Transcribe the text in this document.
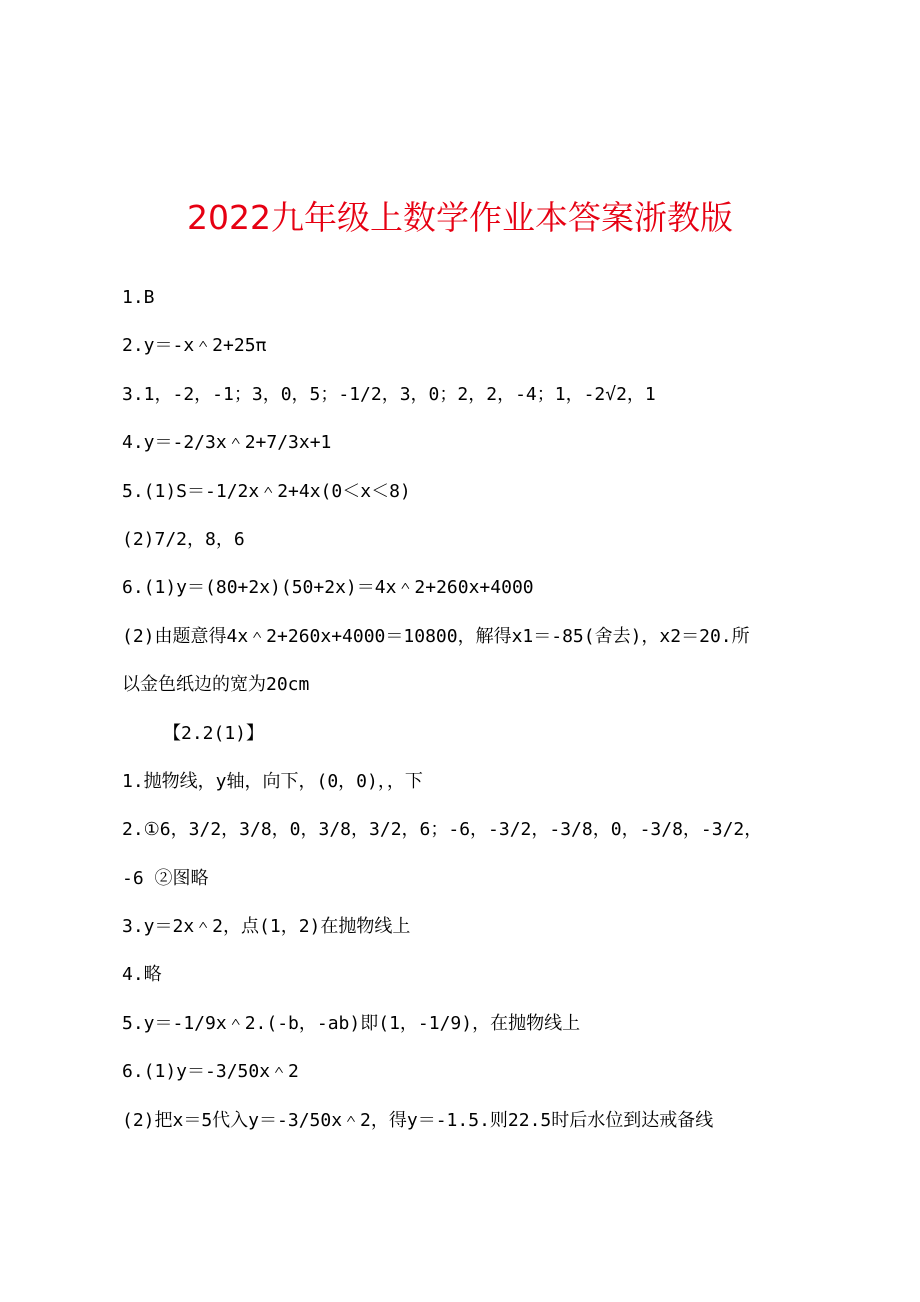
2022九年级上数学作业本答案浙教版

1.B

2.y＝-x＾2+25π

3.1，-2，-1；3，0，5；-1/2，3，0；2，2，-4；1，-2√2，1

4.y＝-2/3x＾2+7/3x+1

5.(1)S＝-1/2x＾2+4x(0＜x＜8)

(2)7/2，8，6

6.(1)y＝(80+2x)(50+2x)＝4x＾2+260x+4000

(2)由题意得4x＾2+260x+4000＝10800，解得x1＝-85(舍去)，x2＝20.所

以金色纸边的宽为20cm

【2.2(1)】

1.抛物线，y轴，向下，(0，0)，，下

2.①6，3/2，3/8，0，3/8，3/2，6；-6，-3/2，-3/8，0，-3/8，-3/2，

-6 ②图略

3.y＝2x＾2，点(1，2)在抛物线上

4.略

5.y＝-1/9x＾2.(-b，-ab)即(1，-1/9)，在抛物线上

6.(1)y＝-3/50x＾2

(2)把x＝5代入y＝-3/50x＾2，得y＝-1.5.则22.5时后水位到达戒备线
